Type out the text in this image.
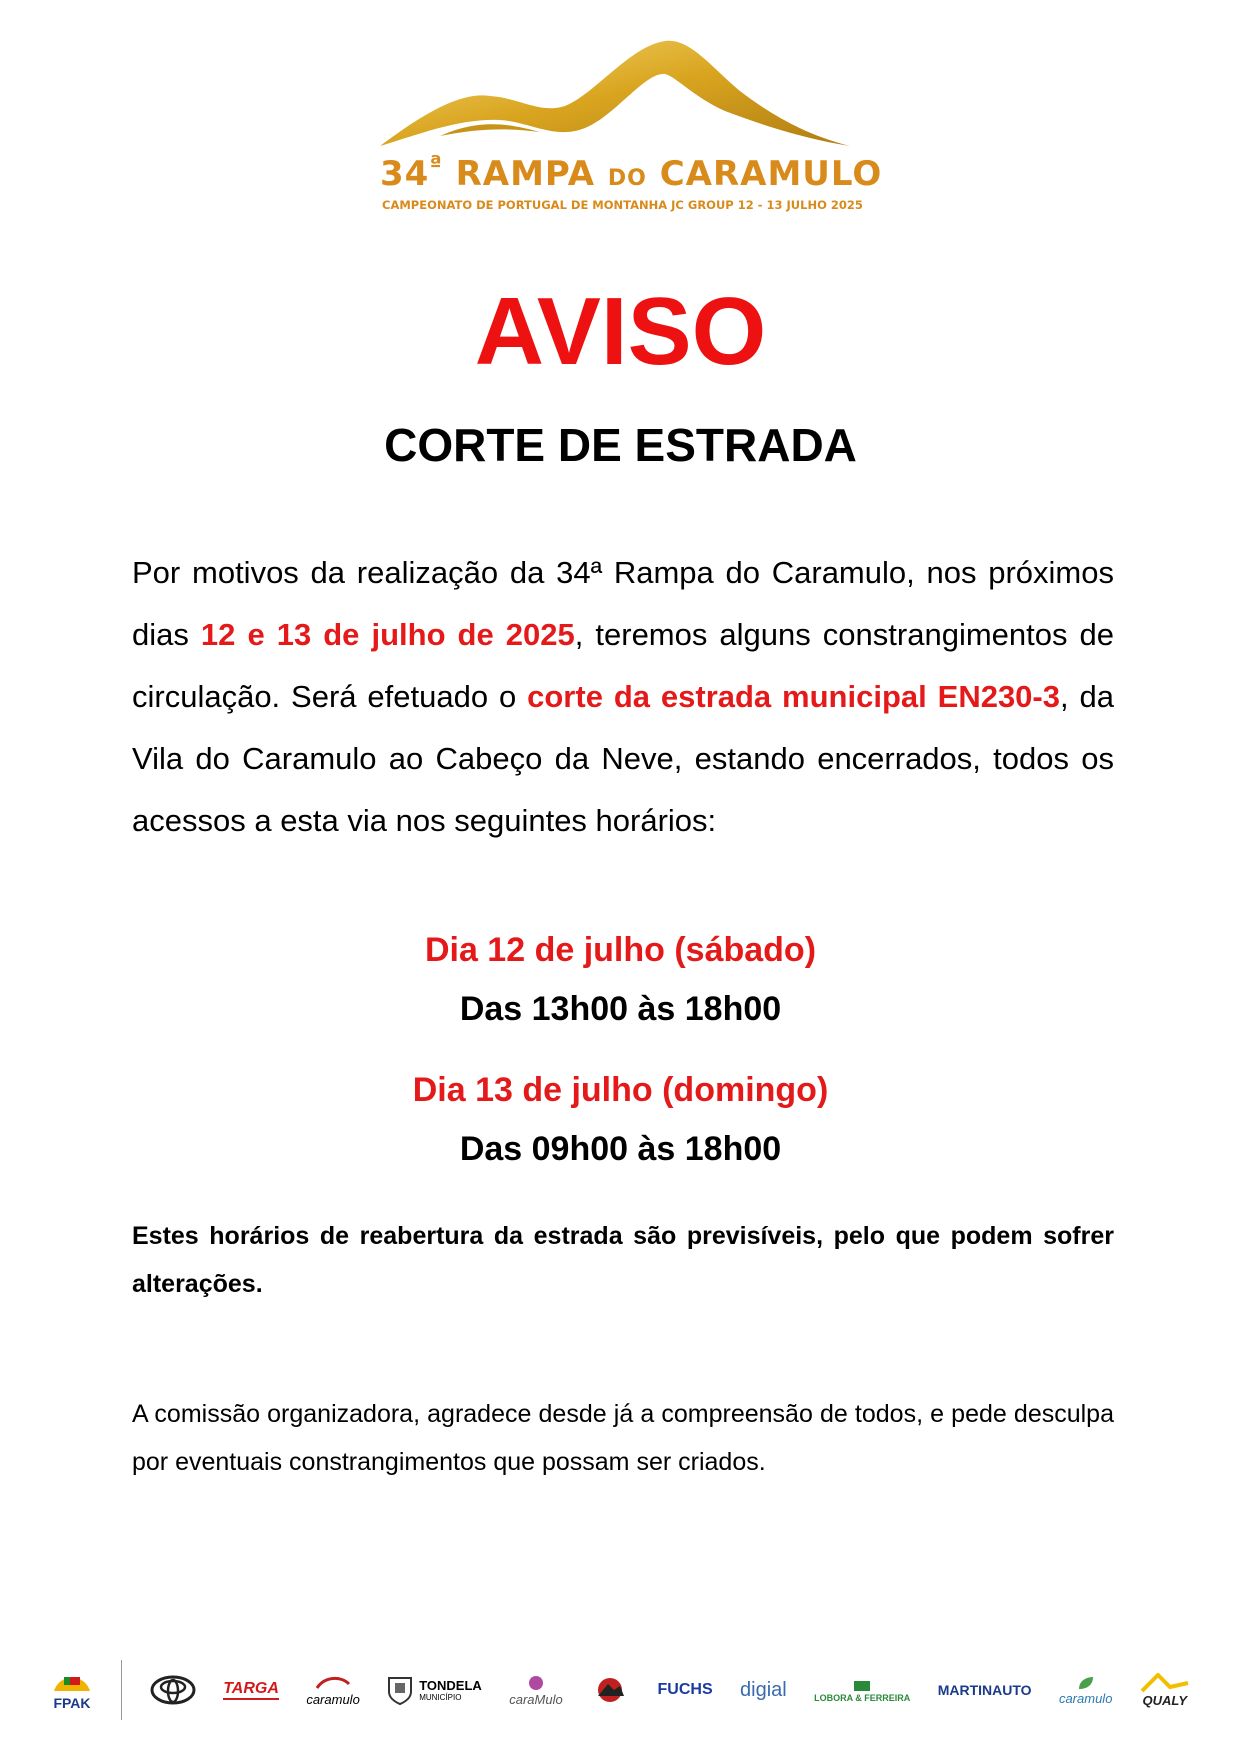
$34^ª$ RAMPA DO CARAMULO
CAMPEONATO DE PORTUGAL DE MONTANHA JC GROUP 12 - 13 JULHO 2025
AVISO
CORTE DE ESTRADA
Por motivos da realização da 34ª Rampa do Caramulo, nos próximos dias 12 e 13 de julho de 2025, teremos alguns constrangimentos de circulação. Será efetuado o corte da estrada municipal EN230-3, da Vila do Caramulo ao Cabeço da Neve, estando encerrados, todos os acessos a esta via nos seguintes horários:
Dia 12 de julho (sábado)
Das 13h00 às 18h00
Dia 13 de julho (domingo)
Das 09h00 às 18h00
Estes horários de reabertura da estrada são previsíveis, pelo que podem sofrer alterações.
A comissão organizadora, agradece desde já a compreensão de todos, e pede desculpa por eventuais constrangimentos que possam ser criados.
FPAK
TARGA
caramulo
TONDELA
MUNICÍPIO	caraMulo
FUCHS digial	LOBORA & FERREIRA MARTINAUTO caramulo QUALY
